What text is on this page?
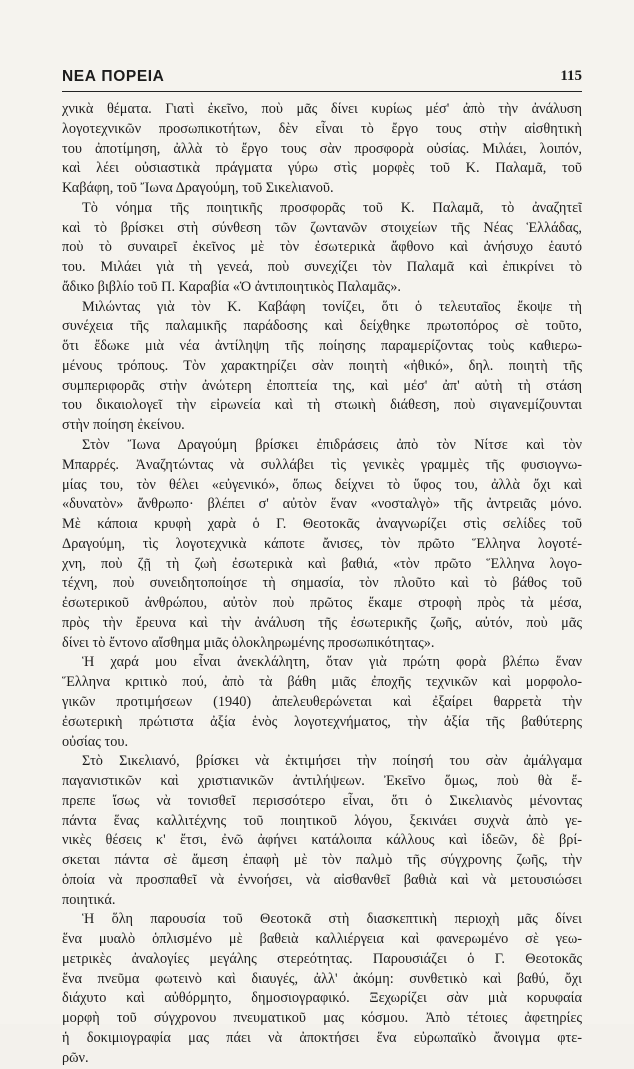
ΝΕΑ ΠΟΡΕΙΑ	115
χνικὰ θέματα. Γιατὶ ἐκεῖνο, ποὺ μᾶς δίνει κυρίως μέσ' ἀπὸ τὴν ἀνάλυση
λογοτεχνικῶν προσωπικοτήτων, δὲν εἶναι τὸ ἔργο τους στὴν αἰσθητικὴ
του ἀποτίμηση, ἀλλὰ τὸ ἔργο τους σὰν προσφορὰ οὐσίας. Μιλάει, λοιπόν,
καὶ λέει οὐσιαστικὰ πράγματα γύρω στὶς μορφὲς τοῦ Κ. Παλαμᾶ, τοῦ
Καβάφη, τοῦ Ἴωνα Δραγούμη, τοῦ Σικελιανοῦ.
Τὸ νόημα τῆς ποιητικῆς προσφορᾶς τοῦ Κ. Παλαμᾶ, τὸ ἀναζητεῖ
καὶ τὸ βρίσκει στὴ σύνθεση τῶν ζωντανῶν στοιχείων τῆς Νέας Ἑλλάδας,
ποὺ τὸ συναιρεῖ ἐκεῖνος μὲ τὸν ἐσωτερικὰ ἄφθονο καὶ ἀνήσυχο ἑαυτό
του. Μιλάει γιὰ τὴ γενεά, ποὺ συνεχίζει τὸν Παλαμᾶ καὶ ἐπικρίνει τὸ
ἄδικο βιβλίο τοῦ Π. Καραβία «Ὁ ἀντιποιητικὸς Παλαμᾶς».
Μιλώντας γιὰ τὸν Κ. Καβάφη τονίζει, ὅτι ὁ τελευταῖος ἔκοψε τὴ
συνέχεια τῆς παλαμικῆς παράδοσης καὶ δείχθηκε πρωτοπόρος σὲ τοῦτο,
ὅτι ἔδωκε μιὰ νέα ἀντίληψη τῆς ποίησης παραμερίζοντας τοὺς καθιερω-
μένους τρόπους. Τὸν χαρακτηρίζει σὰν ποιητὴ «ἠθικό», δηλ. ποιητὴ τῆς
συμπεριφορᾶς στὴν ἀνώτερη ἐποπτεία της, καὶ μέσ' ἀπ' αὐτὴ τὴ στάση
του δικαιολογεῖ τὴν εἰρωνεία καὶ τὴ στωικὴ διάθεση, ποὺ σιγανεμίζουνται
στὴν ποίηση ἐκείνου.
Στὸν Ἴωνα Δραγούμη βρίσκει ἐπιδράσεις ἀπὸ τὸν Νίτσε καὶ τὸν
Μπαρρές. Ἀναζητώντας νὰ συλλάβει τὶς γενικὲς γραμμὲς τῆς φυσιογνω-
μίας του, τὸν θέλει «εὐγενικό», ὅπως δείχνει τὸ ὕφος του, ἀλλὰ ὄχι καὶ
«δυνατὸν» ἄνθρωπο· βλέπει σ' αὐτὸν ἕναν «νοσταλγὸ» τῆς ἀντρειᾶς μόνο.
Μὲ κάποια κρυφὴ χαρὰ ὁ Γ. Θεοτοκᾶς ἀναγνωρίζει στὶς σελίδες τοῦ
Δραγούμη, τὶς λογοτεχνικὰ κάποτε ἄνισες, τὸν πρῶτο Ἕλληνα λογοτέ-
χνη, ποὺ ζῇ τὴ ζωὴ ἐσωτερικὰ καὶ βαθιά, «τὸν πρῶτο Ἕλληνα λογο-
τέχνη, ποὺ συνειδητοποίησε τὴ σημασία, τὸν πλοῦτο καὶ τὸ βάθος τοῦ
ἐσωτερικοῦ ἀνθρώπου, αὐτὸν ποὺ πρῶτος ἔκαμε στροφὴ πρὸς τὰ μέσα,
πρὸς τὴν ἔρευνα καὶ τὴν ἀνάλυση τῆς ἐσωτερικῆς ζωῆς, αὐτόν, ποὺ μᾶς
δίνει τὸ ἔντονο αἴσθημα μιᾶς ὁλοκληρωμένης προσωπικότητας».
Ἡ χαρά μου εἶναι ἀνεκλάλητη, ὅταν γιὰ πρώτη φορὰ βλέπω ἕναν
Ἕλληνα κριτικὸ πού, ἀπὸ τὰ βάθη μιᾶς ἐποχῆς τεχνικῶν καὶ μορφολο-
γικῶν προτιμήσεων (1940) ἀπελευθερώνεται καὶ ἐξαίρει θαρρετὰ τὴν
ἐσωτερικὴ πρώτιστα ἀξία ἑνὸς λογοτεχνήματος, τὴν ἀξία τῆς βαθύτερης
οὐσίας του.
Στὸ Σικελιανό, βρίσκει νὰ ἐκτιμήσει τὴν ποίησή του σὰν ἀμάλγαμα
παγανιστικῶν καὶ χριστιανικῶν ἀντιλήψεων. Ἐκεῖνο ὅμως, ποὺ θὰ ἔ-
πρεπε ἴσως νὰ τονισθεῖ περισσότερο εἶναι, ὅτι ὁ Σικελιανὸς μένοντας
πάντα ἕνας καλλιτέχνης τοῦ ποιητικοῦ λόγου, ξεκινάει συχνὰ ἀπὸ γε-
νικὲς θέσεις κ' ἔτσι, ἐνῶ ἀφήνει κατάλοιπα κάλλους καὶ ἰδεῶν, δὲ βρί-
σκεται πάντα σὲ ἄμεση ἐπαφὴ μὲ τὸν παλμὸ τῆς σύγχρονης ζωῆς, τὴν
ὁποία νὰ προσπαθεῖ νὰ ἐννοήσει, νὰ αἰσθανθεῖ βαθιὰ καὶ νὰ μετουσιώσει
ποιητικά.
Ἡ ὅλη παρουσία τοῦ Θεοτοκᾶ στὴ διασκεπτικὴ περιοχὴ μᾶς δίνει
ἕνα μυαλὸ ὁπλισμένο μὲ βαθειὰ καλλιέργεια καὶ φανερωμένο σὲ γεω-
μετρικὲς ἀναλογίες μεγάλης στερεότητας. Παρουσιάζει ὁ Γ. Θεοτοκᾶς
ἕνα πνεῦμα φωτεινὸ καὶ διαυγές, ἀλλ' ἀκόμη: συνθετικὸ καὶ βαθύ, ὄχι
διάχυτο καὶ αὐθόρμητο, δημοσιογραφικό. Ξεχωρίζει σὰν μιὰ κορυφαία
μορφὴ τοῦ σύγχρονου πνευματικοῦ μας κόσμου. Ἀπὸ τέτοιες ἀφετηρίες
ἡ δοκιμιογραφία μας πάει νὰ ἀποκτήσει ἕνα εὐρωπαϊκὸ ἄνοιγμα φτε-
ρῶν.
